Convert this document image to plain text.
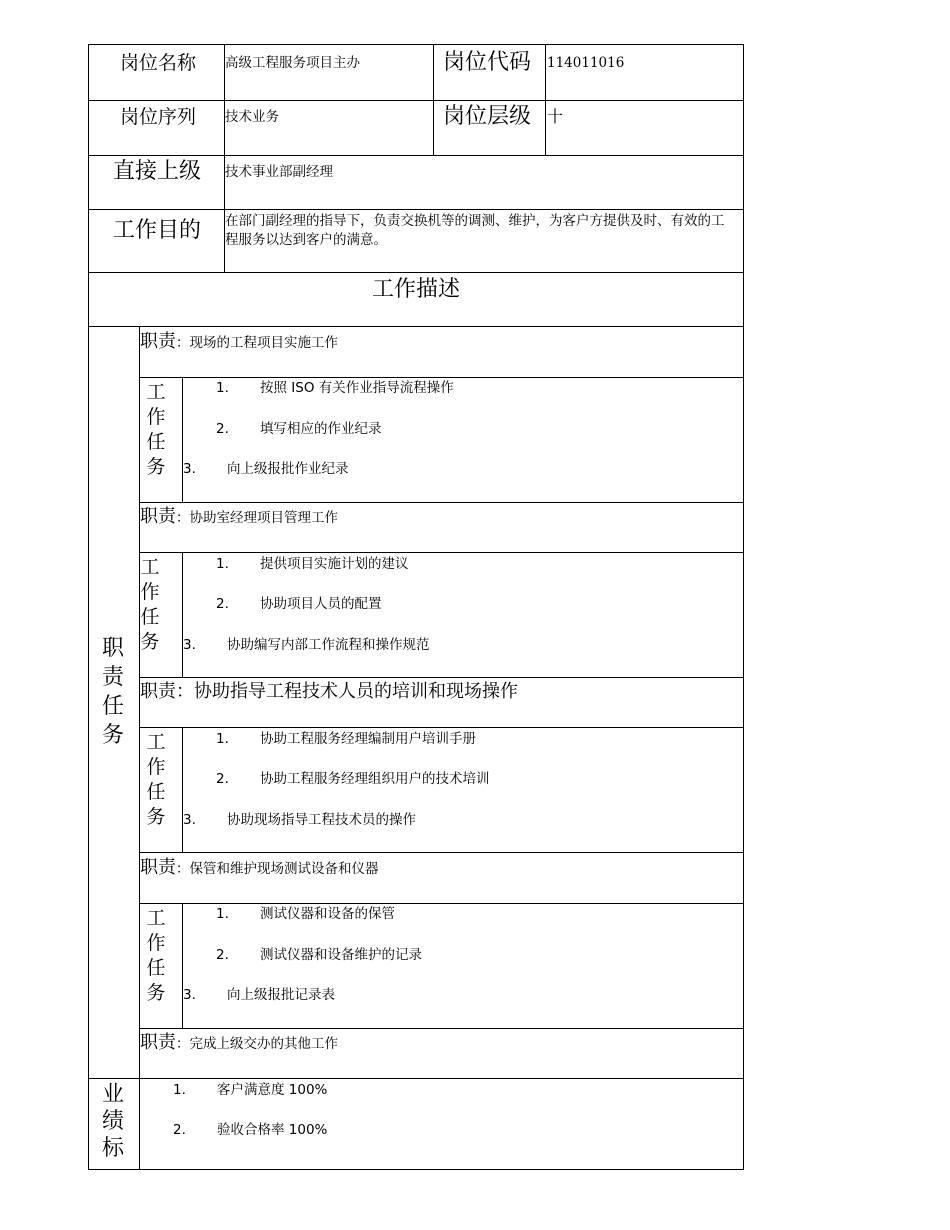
岗位名称 高级工程服务项目主办	岗位代码 114011016
岗位序列 技术业务	岗位层级 十
直接上级 技术事业部副经理
工作目的 在部门副经理的指导下，负责交换机等的调测、维护，为客户方提供及时、有效的工程服务以达到客户的满意。
工作描述
职责任务
职责：现场的工程项目实施工作
工作任务
1. 按照 ISO 有关作业指导流程操作
2. 填写相应的作业纪录
3. 向上级报批作业纪录
职责：协助室经理项目管理工作
工作任务
1. 提供项目实施计划的建议
2. 协助项目人员的配置
3. 协助编写内部工作流程和操作规范
职责：协助指导工程技术人员的培训和现场操作
工作任务
1. 协助工程服务经理编制用户培训手册
2. 协助工程服务经理组织用户的技术培训
3. 协助现场指导工程技术员的操作
职责：保管和维护现场测试设备和仪器
工作任务
1. 测试仪器和设备的保管
2. 测试仪器和设备维护的记录
3. 向上级报批记录表
职责：完成上级交办的其他工作
业绩标
1. 客户满意度 100%
2. 验收合格率 100%
